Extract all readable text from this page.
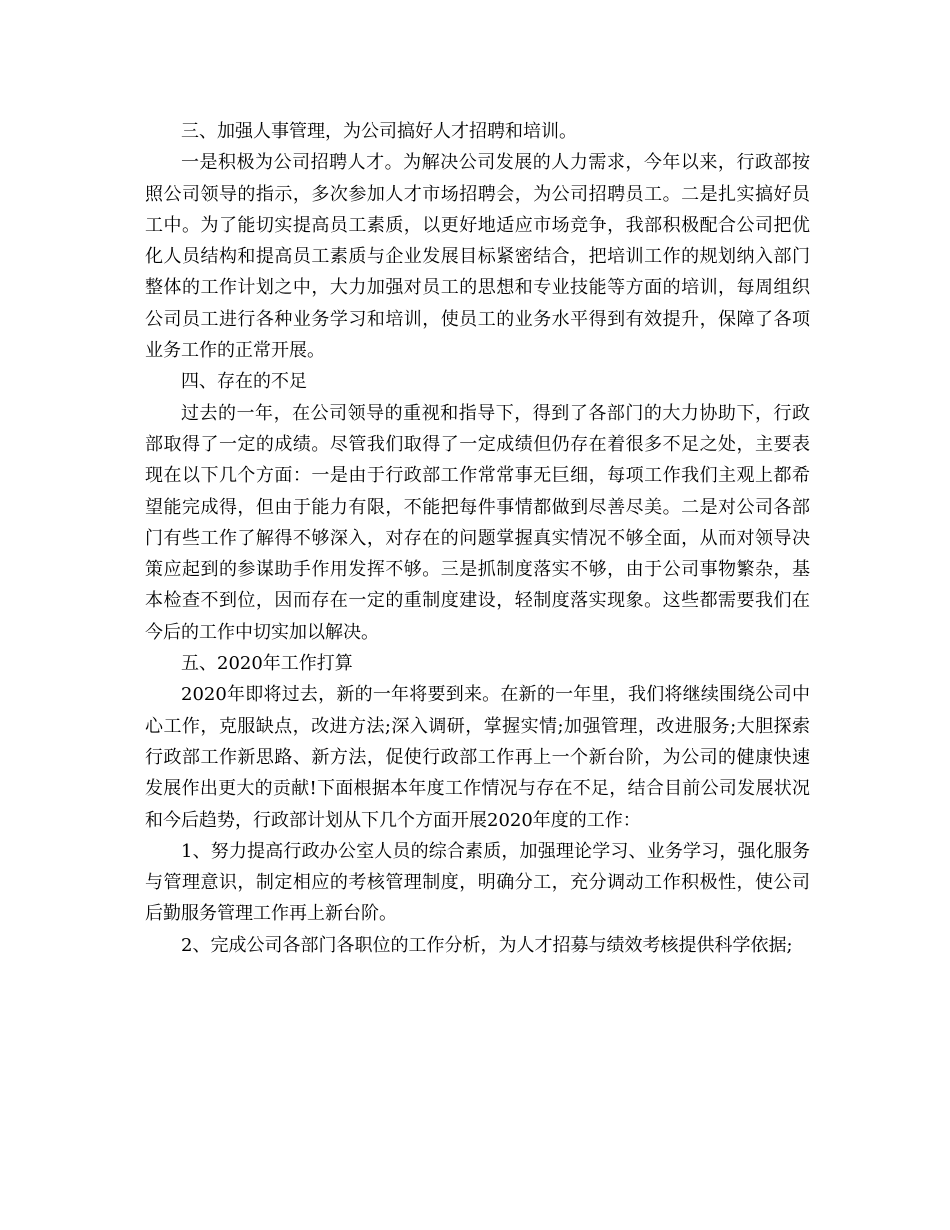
三、加强人事管理，为公司搞好人才招聘和培训。

一是积极为公司招聘人才。为解决公司发展的人力需求，今年以来，行政部按照公司领导的指示，多次参加人才市场招聘会，为公司招聘员工。二是扎实搞好员工中。为了能切实提高员工素质，以更好地适应市场竞争，我部积极配合公司把优化人员结构和提高员工素质与企业发展目标紧密结合，把培训工作的规划纳入部门整体的工作计划之中，大力加强对员工的思想和专业技能等方面的培训，每周组织公司员工进行各种业务学习和培训，使员工的业务水平得到有效提升，保障了各项业务工作的正常开展。

四、存在的不足

过去的一年，在公司领导的重视和指导下，得到了各部门的大力协助下，行政部取得了一定的成绩。尽管我们取得了一定成绩但仍存在着很多不足之处，主要表现在以下几个方面：一是由于行政部工作常常事无巨细，每项工作我们主观上都希望能完成得，但由于能力有限，不能把每件事情都做到尽善尽美。二是对公司各部门有些工作了解得不够深入，对存在的问题掌握真实情况不够全面，从而对领导决策应起到的参谋助手作用发挥不够。三是抓制度落实不够，由于公司事物繁杂，基本检查不到位，因而存在一定的重制度建设，轻制度落实现象。这些都需要我们在今后的工作中切实加以解决。

五、2020年工作打算

2020年即将过去，新的一年将要到来。在新的一年里，我们将继续围绕公司中心工作，克服缺点，改进方法;深入调研，掌握实情;加强管理，改进服务;大胆探索行政部工作新思路、新方法，促使行政部工作再上一个新台阶，为公司的健康快速发展作出更大的贡献!下面根据本年度工作情况与存在不足，结合目前公司发展状况和今后趋势，行政部计划从下几个方面开展2020年度的工作：

1、努力提高行政办公室人员的综合素质，加强理论学习、业务学习，强化服务与管理意识，制定相应的考核管理制度，明确分工，充分调动工作积极性，使公司后勤服务管理工作再上新台阶。

2、完成公司各部门各职位的工作分析，为人才招募与绩效考核提供科学依据;
